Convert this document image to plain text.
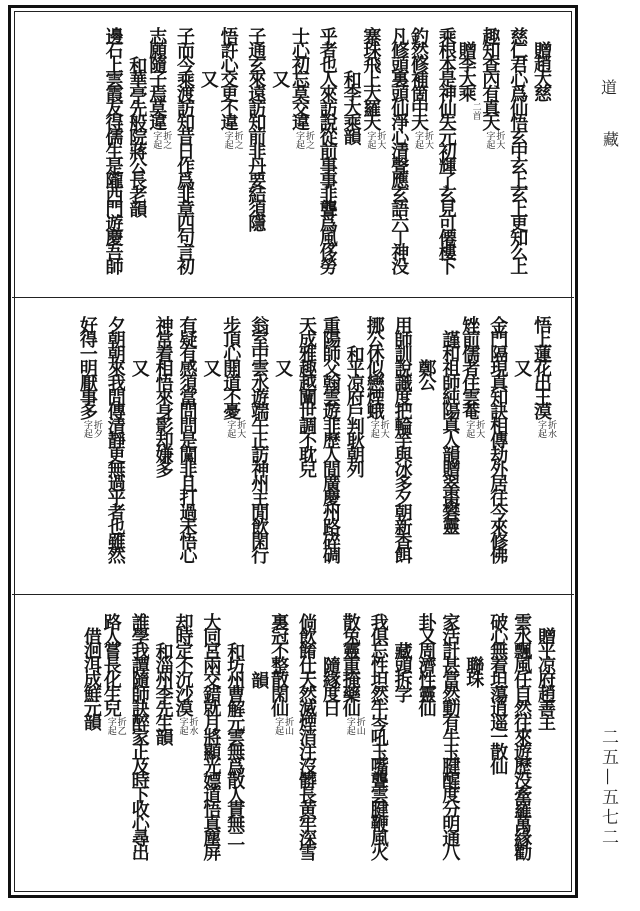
贈趙大慈
慈仁君心爲仙悟玄中玄上玄上更知么上
趣知查內有真天折大字起
贈李大乘二首
乘根本是神仙失元初輝了玄見可僊樓下
釣然修補箇中天折大字起
凡修頭裏頭仙淨心清聲應玄語六丁神没
寨珠飛上大羅天折大字起
和李大乘韻
乎者也人來訪說從前事事非聾爲風侈勞
士心初忘莫交違折之字起
又
子通玄來遠訪知前非丹要結須隱
悟許心交更不違折之字起
又
子而今乘渡訪知昔日作爲非章四句言初
志願隨子焉莫違折之字起
和華亭先般院蔣公長老韻
邊石上雲霞友得儒生是隴西門遊慶吾師
悟上蓮花出王漠折水字起
又
金門隔現真知訣相傳劫外居往今來修佛
矬前儒者住雲菴折大字起
謹和祖師純陽真人韻贈翠棗礬靈
鄭公
用師訓說識度把輪竿與冰多夕朝新香餌
挪公休似戀煙蛾折大字起
和平凉府戶判耿朝列
重陽師父翰雲遊非歷人間廣慶州路碎碉
天成雅趣越闡世調不耽兒
又
翁室中雲水遊端午正訪神州主閒飲閑行
步頂心開道不憂折大字起
又
有疑有感須當問問是闖非且打過未悟心
神常着相悟來身影却嫌多
又
夕朝朝來我問傳清靜更無過乎者也雖然
好得一明厭事多折夕字起
贈平凉府趙善主
雲水飄風任自然往來遊歷没牽羅萬緣勸
破心無着坦蕩逍遥一散仙
聯珠
家活計甚當然動有牛玉腱醒度分明通八
卦又周濟性靈仙
藏頭拆字
我俱忘性坦然牛岑吼玉嘴聾雲腱鞭風火
散兔靈重掩藥仙折山字起
隨緣度日
倘飲餚仕天然滅煙消注沒髒長黄牢深雪
裏冠不整散閑仙折山字起
韻
和坊州曹解元雲無爲散人貴無二
大同宮兩交錯就月將顯光嫖道悟真塵屏
却時定不沉沙漠折水字起
和淄州李先生韻
誰學我譚隨師訣醉家正及時下收心尋出
路人嘗長化生兒折乙字起
借洄洱成鮮元韻
道
藏
二五—五七二
